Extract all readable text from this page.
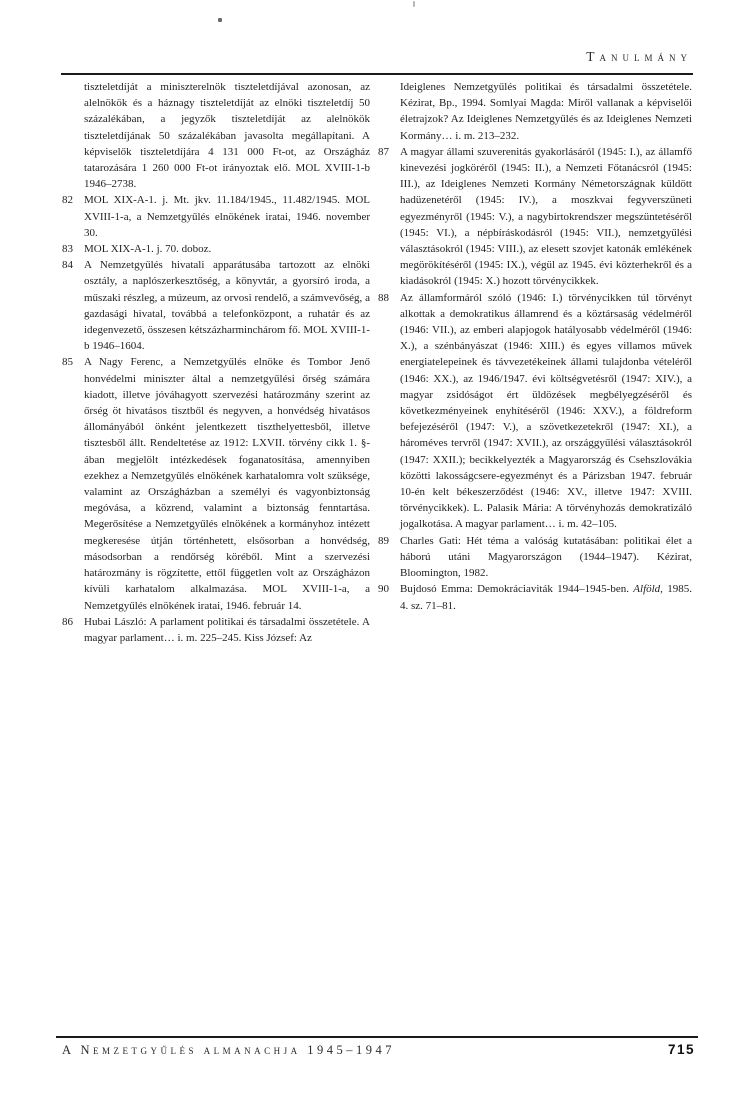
Tanulmány

tiszteletdíját a miniszterelnök tiszteletdíjával azonosan, az alelnökök és a háznagy tiszteletdíját az elnöki tiszteletdíj 50 százalékában, a jegyzők tiszteletdíját az alelnökök tiszteletdíjának 50 százalékában javasolta megállapítani. A képviselők tiszteletdíjára 4 131 000 Ft-ot, az Országház tatarozására 1 260 000 Ft-ot irányoztak elő. MOL XVIII-1-b 1946–2738.

82	MOL XIX-A-1. j. Mt. jkv. 11.184/1945., 11.482/1945. MOL XVIII-1-a, a Nemzetgyűlés elnökének iratai, 1946. november 30.
83	MOL XIX-A-1. j. 70. doboz.
84	A Nemzetgyűlés hivatali apparátusába tartozott az elnöki osztály, a naplószerkesztőség, a könyvtár, a gyorsíró iroda, a műszaki részleg, a múzeum, az orvosi rendelő, a számvevőség, a gazdasági hivatal, továbbá a telefonközpont, a ruhatár és az idegenvezető, összesen kétszázharminchárom fő. MOL XVIII-1-b 1946–1604.
85	A Nagy Ferenc, a Nemzetgyűlés elnöke és Tombor Jenő honvédelmi miniszter által a nemzetgyűlési őrség számára kiadott, illetve jóváhagyott szervezési határozmány szerint az őrség öt hivatásos tisztből és negyven, a honvédség hivatásos állományából önként jelentkezett tiszthelyettesből, illetve tisztesből állt. Rendeltetése az 1912: LXVII. törvény cikk 1. §-ában megjelölt intézkedések foganatosítása, amennyiben ezekhez a Nemzetgyűlés elnökének karhatalomra volt szüksége, valamint az Országházban a személyi és vagyonbiztonság megóvása, a közrend, valamint a biztonság fenntartása. Megerősítése a Nemzetgyűlés elnökének a kormányhoz intézett megkeresése útján történhetett, elsősorban a honvédség, másodsorban a rendőrség köréből. Mint a szervezési határozmány is rögzítette, ettől független volt az Országházon kívüli karhatalom alkalmazása. MOL XVIII-1-a, a Nemzetgyűlés elnökének iratai, 1946. február 14.
86	Hubai László: A parlament politikai és társadalmi összetétele. A magyar parlament… i. m. 225–245. Kiss József: Az

Ideiglenes Nemzetgyűlés politikai és társadalmi összetétele. Kézirat, Bp., 1994. Somlyai Magda: Miről vallanak a képviselői életrajzok? Az Ideiglenes Nemzetgyűlés és az Ideiglenes Nemzeti Kormány… i. m. 213–232.

87	A magyar állami szuverenitás gyakorlásáról (1945: I.), az államfő kinevezési jogköréről (1945: II.), a Nemzeti Főtanácsról (1945: III.), az Ideiglenes Nemzeti Kormány Németországnak küldött hadüzenetéről (1945: IV.), a moszkvai fegyverszüneti egyezményről (1945: V.), a nagybirtokrendszer megszüntetéséről (1945: VI.), a népbíráskodásról (1945: VII.), nemzetgyűlési választásokról (1945: VIII.), az elesett szovjet katonák emlékének megörökítéséről (1945: IX.), végül az 1945. évi közterhekről és a kiadásokról (1945: X.) hozott törvénycikkek.
88	Az államformáról szóló (1946: I.) törvénycikken túl törvényt alkottak a demokratikus államrend és a köztársaság védelméről (1946: VII.), az emberi alapjogok hatályosabb védelméről (1946: X.), a szénbányászat (1946: XIII.) és egyes villamos művek energiatelepeinek és távvezetékeinek állami tulajdonba vételéről (1946: XX.), az 1946/1947. évi költségvetésről (1947: XIV.), a magyar zsidóságot ért üldözések megbélyegzéséről és következményeinek enyhítéséről (1946: XXV.), a földreform befejezéséről (1947: V.), a szövetkezetekről (1947: XI.), a hároméves tervről (1947: XVII.), az országgyűlési választásokról (1947: XXII.); becikkelyezték a Magyarország és Csehszlovákia közötti lakosságcsere-egyezményt és a Párizsban 1947. február 10-én kelt békeszerződést (1946: XV., illetve 1947: XVIII. törvénycikkek). L. Palasik Mária: A törvényhozás demokratizáló jogalkotása. A magyar parlament… i. m. 42–105.
89	Charles Gati: Hét téma a valóság kutatásában: politikai élet a háború utáni Magyarországon (1944–1947). Kézirat, Bloomington, 1982.
90	Bujdosó Emma: Demokráciaviták 1944–1945-ben. Alföld, 1985. 4. sz. 71–81.
A Nemzetgyűlés almanachja 1945–1947	715
